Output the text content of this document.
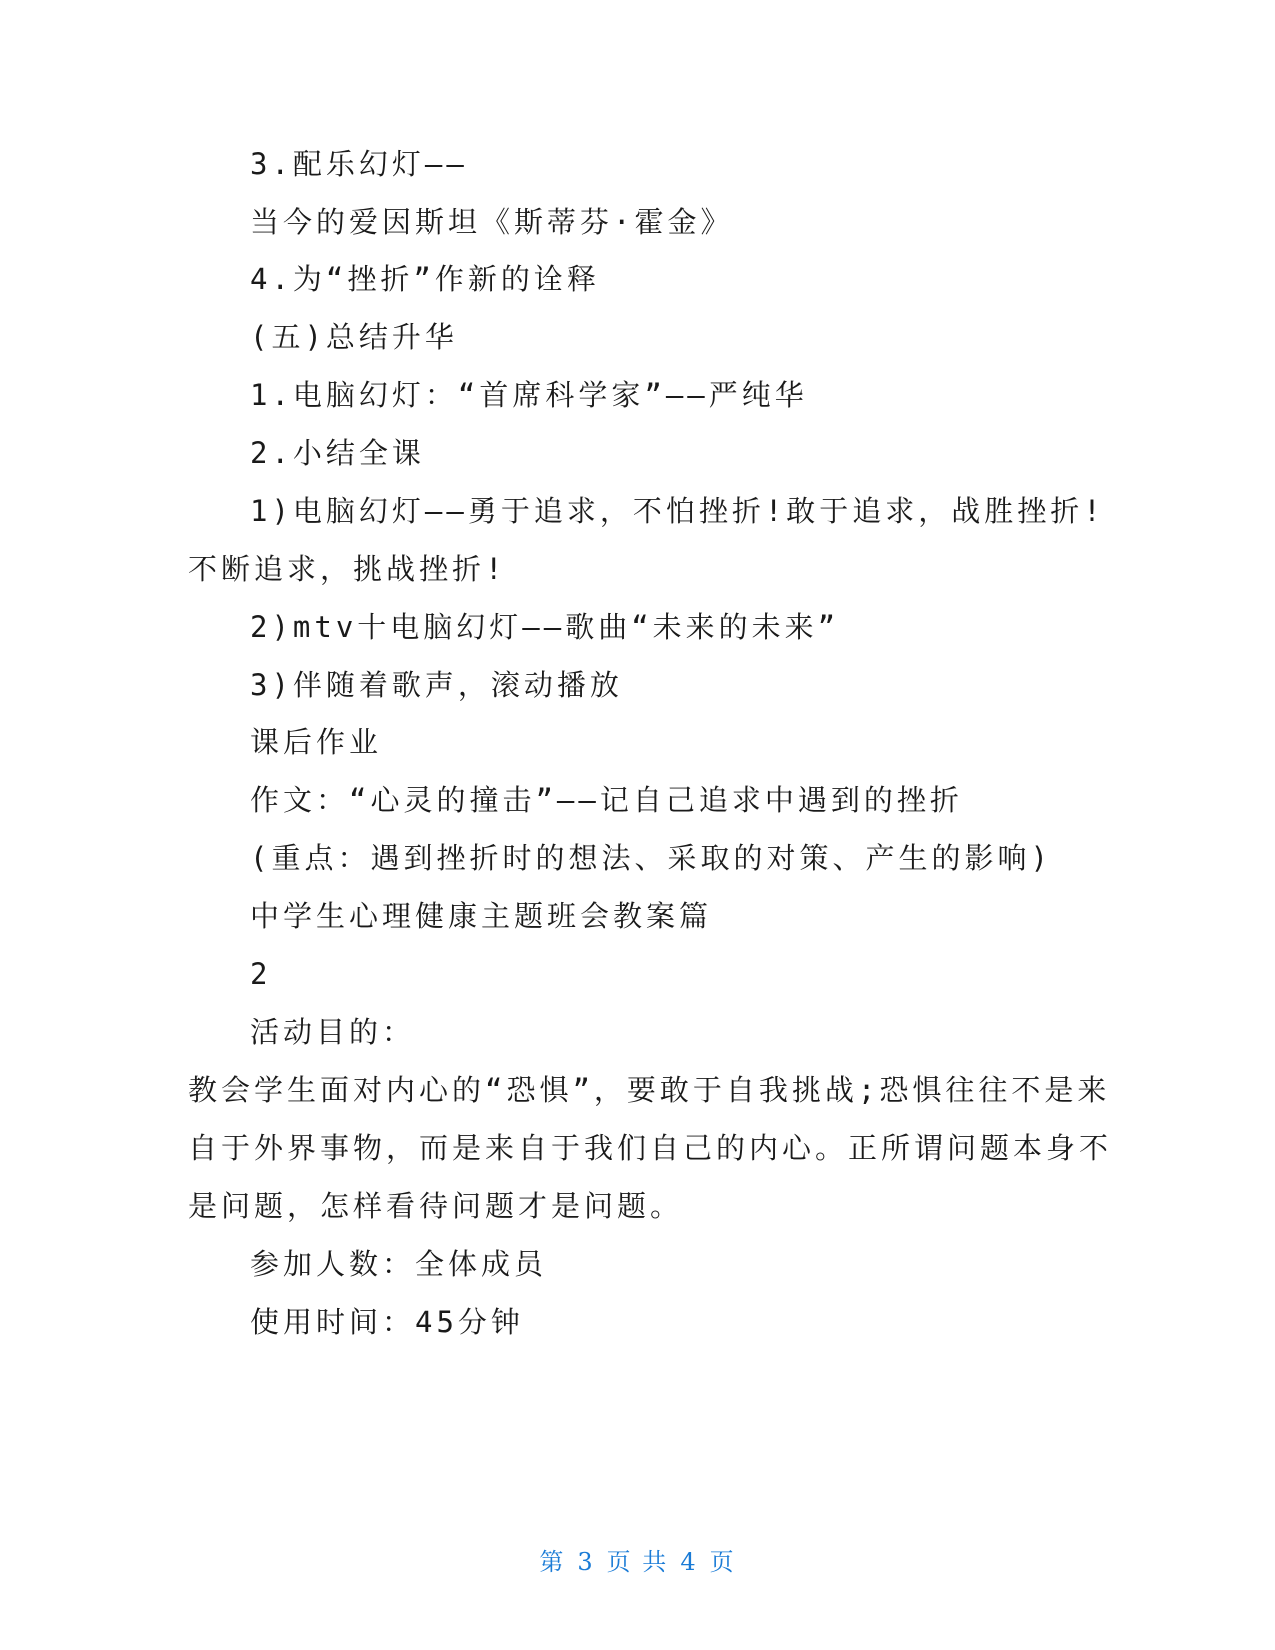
3.配乐幻灯——
当今的爱因斯坦《斯蒂芬·霍金》
4.为“挫折”作新的诠释
(五)总结升华
1.电脑幻灯：“首席科学家”——严纯华
2.小结全课
1)电脑幻灯——勇于追求，不怕挫折!敢于追求，战胜挫折!
不断追求，挑战挫折!
2)mtv十电脑幻灯——歌曲“未来的未来”
3)伴随着歌声，滚动播放
课后作业
作文：“心灵的撞击”——记自己追求中遇到的挫折
(重点：遇到挫折时的想法、采取的对策、产生的影响)
中学生心理健康主题班会教案篇
2
活动目的：
教会学生面对内心的“恐惧”，要敢于自我挑战;恐惧往往不是来
自于外界事物，而是来自于我们自己的内心。正所谓问题本身不
是问题，怎样看待问题才是问题。
参加人数：全体成员
使用时间：45分钟
第 3 页 共 4 页
